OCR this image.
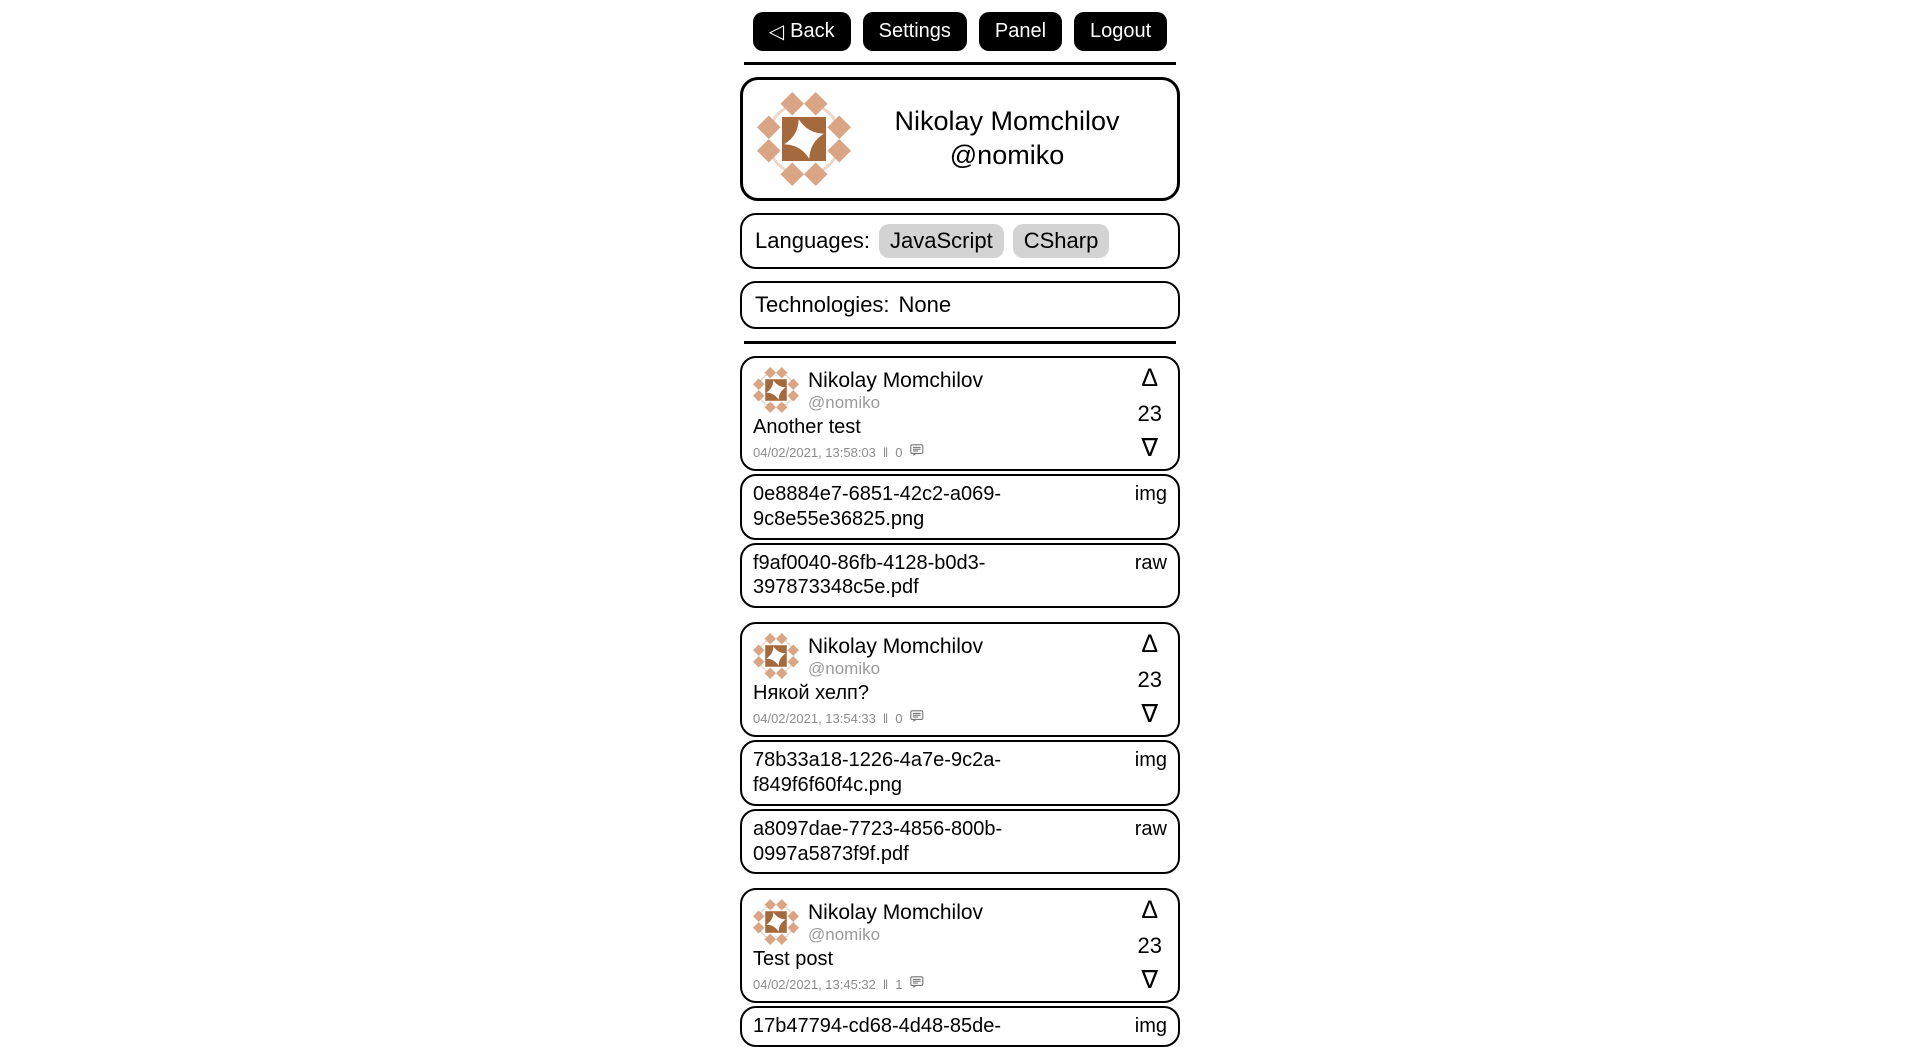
◁ Back Settings Panel Logout
Nikolay Momchilov
@nomiko
Languages: JavaScript	CSharp
Technologies: None
Nikolay Momchilov
@nomiko
Another test
04/02/2021, 13:58:03 ‖ 0
Δ
23
∇
0e8884e7-6851-42c2-a069-9c8e55e36825.png
img
f9af0040-86fb-4128-b0d3-397873348c5e.pdf
raw
Nikolay Momchilov
@nomiko
Някой хелп?
04/02/2021, 13:54:33 ‖ 0
Δ
23
∇
78b33a18-1226-4a7e-9c2a-f849f6f60f4c.png
img
a8097dae-7723-4856-800b-0997a5873f9f.pdf
raw
Nikolay Momchilov
@nomiko
Test post
04/02/2021, 13:45:32 ‖ 1
Δ
23
∇
17b47794-cd68-4d48-85de-	img
